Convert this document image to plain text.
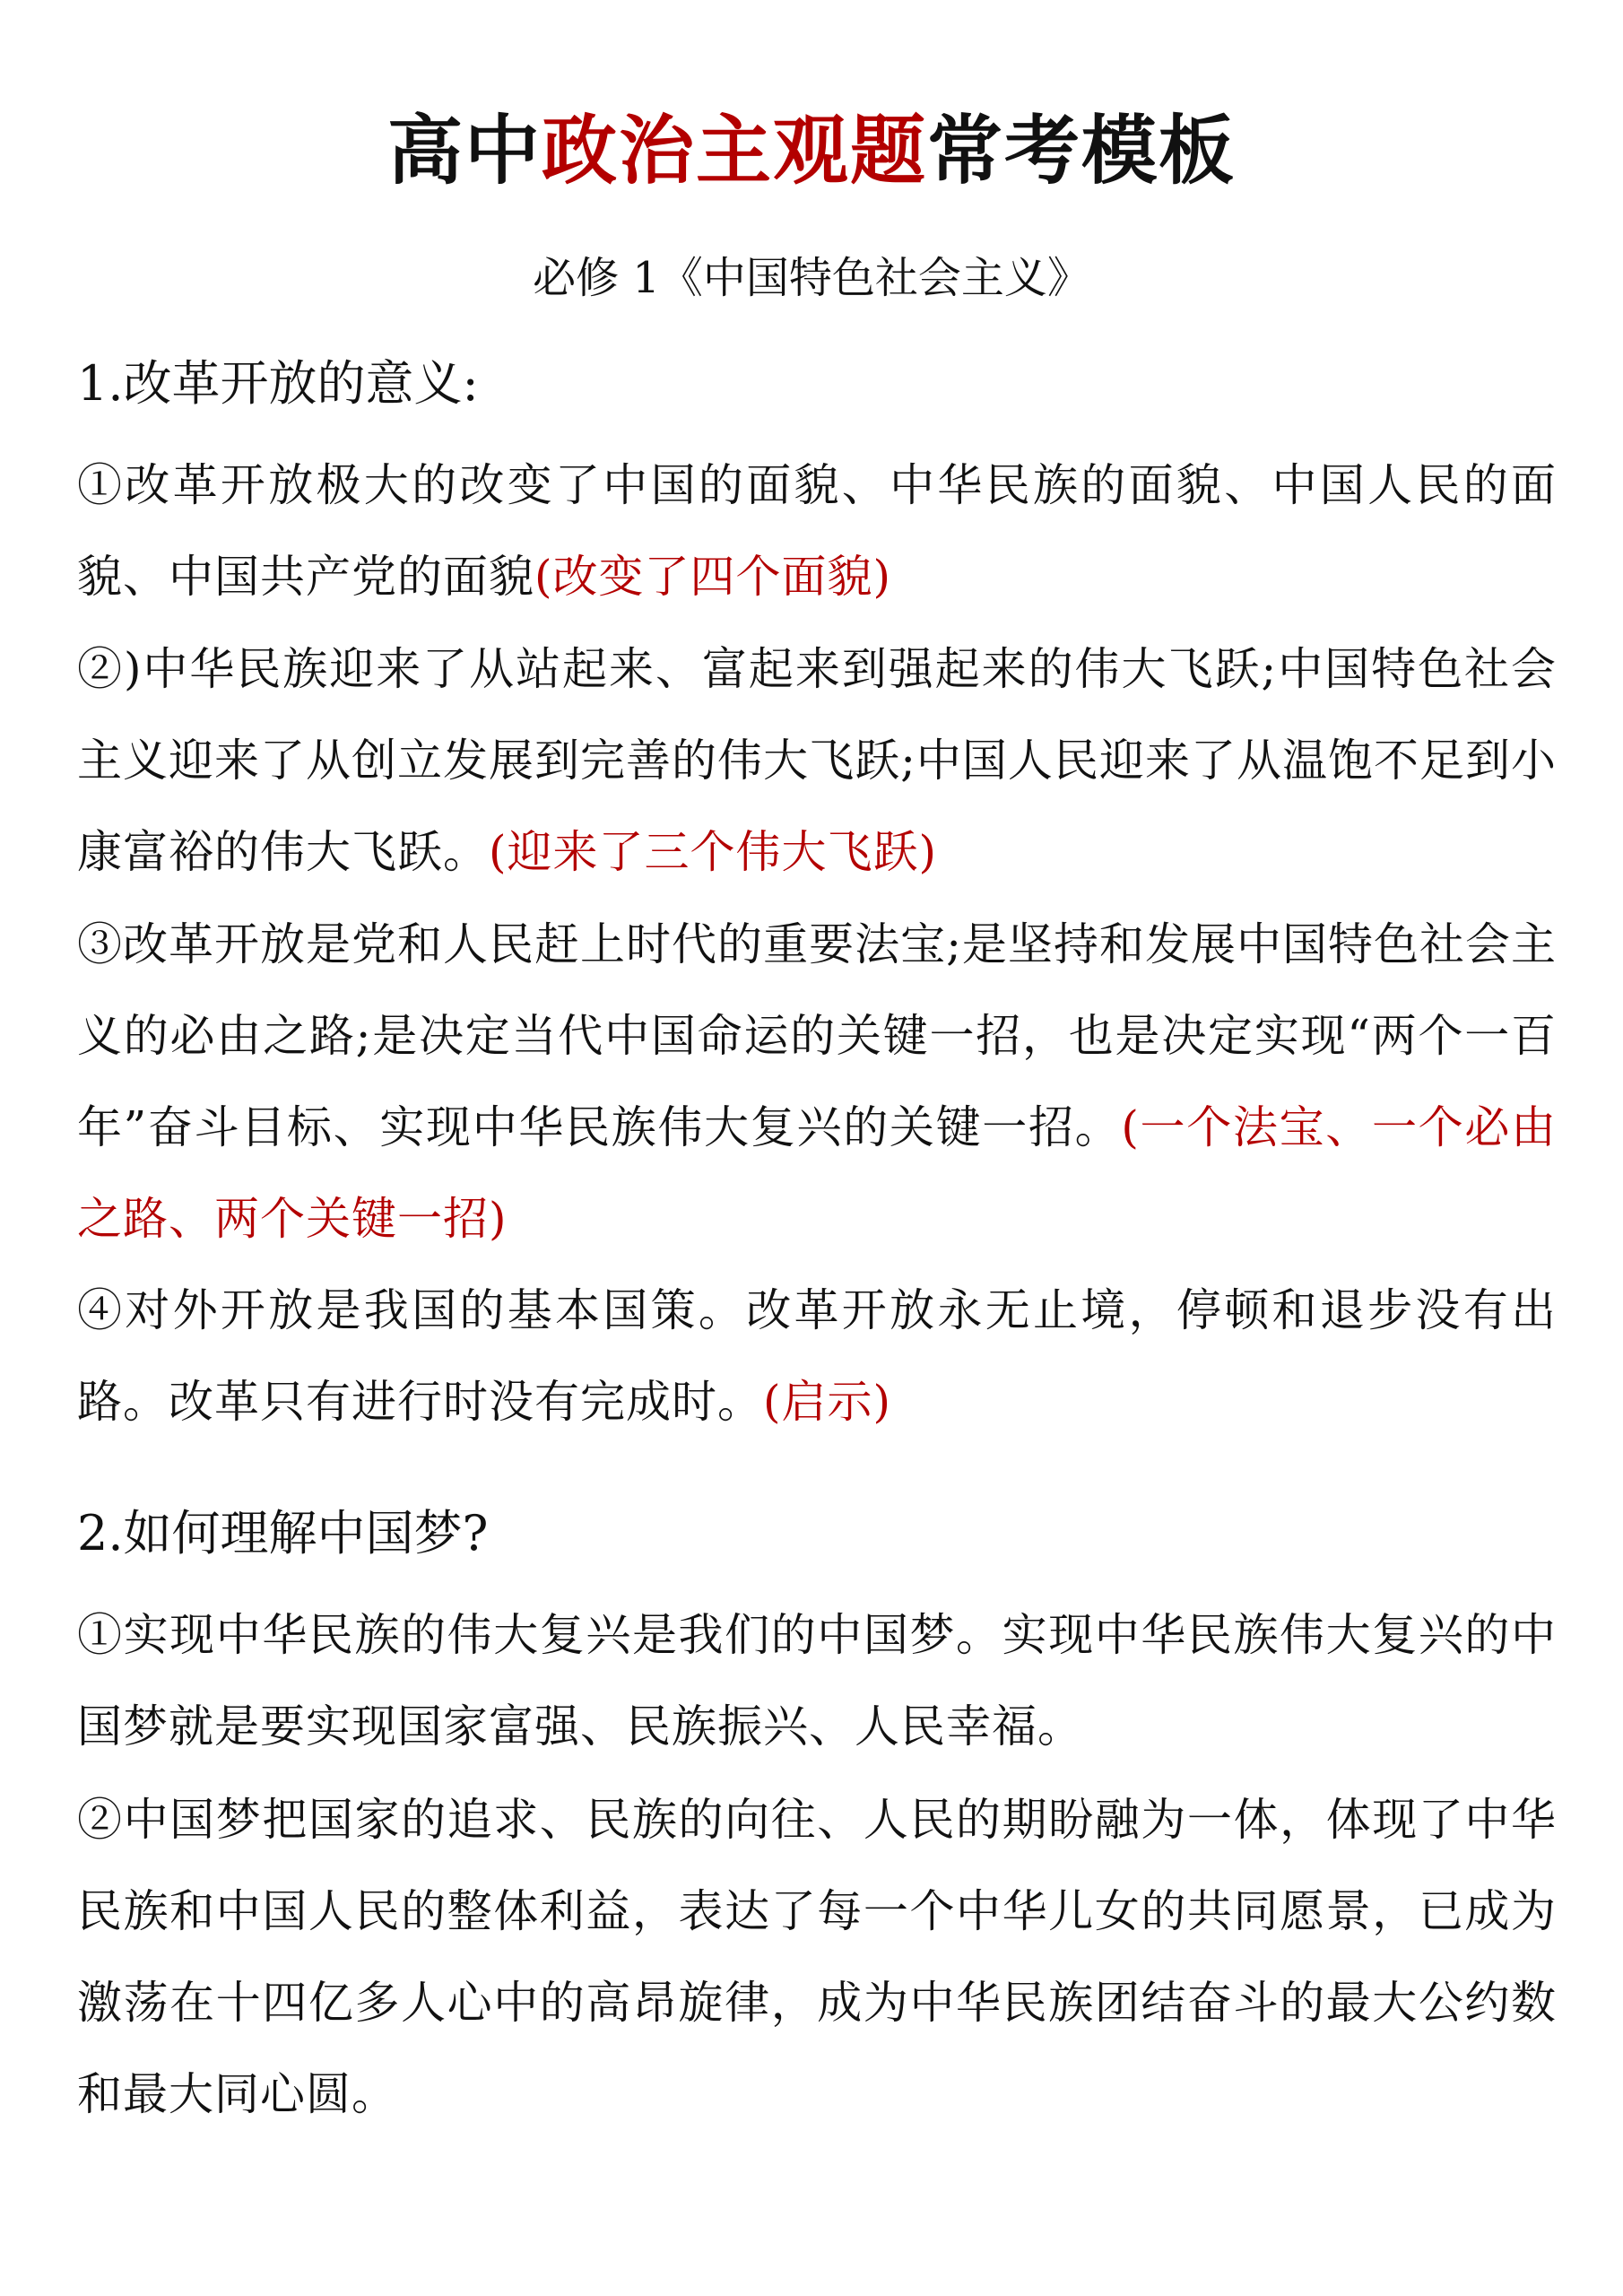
高中政治主观题常考模板
必修 1《中国特色社会主义》
1.改革开放的意义:
①改革开放极大的改变了中国的面貌、中华民族的面貌、中国人民的面貌、中国共产党的面貌(改变了四个面貌)
②)中华民族迎来了从站起来、富起来到强起来的伟大飞跃;中国特色社会主义迎来了从创立发展到完善的伟大飞跃;中国人民迎来了从温饱不足到小康富裕的伟大飞跃。(迎来了三个伟大飞跃)
③改革开放是党和人民赶上时代的重要法宝;是坚持和发展中国特色社会主义的必由之路;是决定当代中国命运的关键一招，也是决定实现“两个一百年”奋斗目标、实现中华民族伟大复兴的关键一招。(一个法宝、一个必由之路、两个关键一招)
④对外开放是我国的基本国策。改革开放永无止境，停顿和退步没有出路。改革只有进行时没有完成时。(启示)
2.如何理解中国梦?
①实现中华民族的伟大复兴是我们的中国梦。实现中华民族伟大复兴的中国梦就是要实现国家富强、民族振兴、人民幸福。
②中国梦把国家的追求、民族的向往、人民的期盼融为一体，体现了中华民族和中国人民的整体利益，表达了每一个中华儿女的共同愿景，已成为激荡在十四亿多人心中的高昂旋律，成为中华民族团结奋斗的最大公约数和最大同心圆。
